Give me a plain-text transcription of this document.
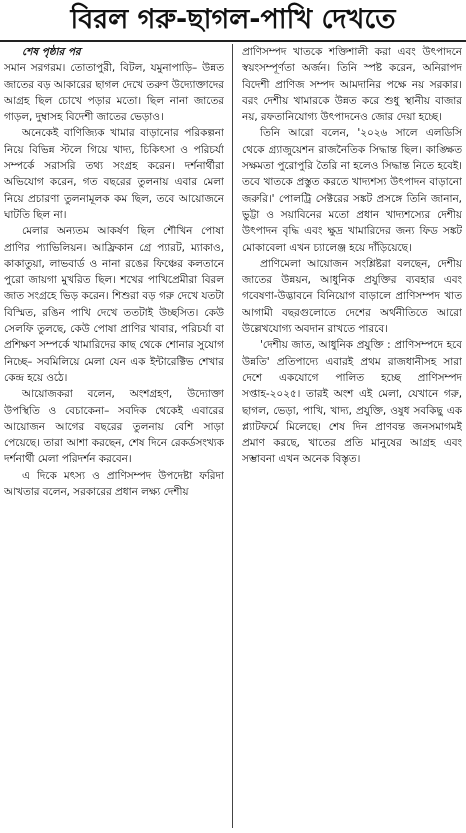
বিরল গরু-ছাগল-পাখি দেখতে

শেষ পৃষ্ঠার পর

সমান সরগরম। তোতাপুরী, বিটল, যমুনাপাড়ি– উন্নত জাতের বড় আকারের ছাগল দেখে তরুণ উদ্যোক্তাদের আগ্রহ ছিল চোখে পড়ার মতো। ছিল নানা জাতের গাড়ল, দুম্বাসহ বিদেশী জাতের ভেড়াও।

অনেকেই বাণিজ্যিক খামার বাড়ানোর পরিকল্পনা নিয়ে বিভিন্ন স্টলে গিয়ে খাদ্য, চিকিৎসা ও পরিচর্যা সম্পর্কে সরাসরি তথ্য সংগ্রহ করেন। দর্শনার্থীরা অভিযোগ করেন, গত বছরের তুলনায় এবার মেলা নিয়ে প্রচারণা তুলনামূলক কম ছিল, তবে আয়োজনে ঘাটতি ছিল না।

মেলার অন্যতম আকর্ষণ ছিল শৌখিন পোষা প্রাণির প্যাভিলিয়ন। আফ্রিকান গ্রে প্যারট, ম্যাকাও, কাকাতুয়া, লাভবার্ড ও নানা রঙের ফিঞ্চের কলতানে পুরো জায়গা মুখরিত ছিল। শখের পাখিপ্রেমীরা বিরল জাত সংগ্রহে ভিড় করেন। শিশুরা বড় গরু দেখে যতটা বিস্মিত, রঙিন পাখি দেখে ততটাই উচ্ছসিত। কেউ সেলফি তুলছে, কেউ পোষা প্রাণির খাবার, পরিচর্যা বা প্রশিক্ষণ সম্পর্কে খামারিদের কাছ থেকে শোনার সুযোগ নিচ্ছে– সবমিলিয়ে মেলা যেন এক ইন্টারেক্টিভ শেখার কেন্দ্র হয়ে ওঠে।

আয়োজকরা বলেন, অংশগ্রহণ, উদ্যোক্তা উপস্থিতি ও বেচাকেনা– সবদিক থেকেই এবারের আয়োজন আগের বছরের তুলনায় বেশি সাড়া পেয়েছে। তারা আশা করছেন, শেষ দিনে রেকর্ডসংখ্যক দর্শনার্থী মেলা পরিদর্শন করবেন।

এ দিকে মৎস্য ও প্রাণিসম্পদ উপদেষ্টা ফরিদা আখতার বলেন, সরকারের প্রধান লক্ষ্য দেশীয়

প্রাণিসম্পদ খাতকে শক্তিশালী করা এবং উৎপাদনে স্বয়ংসম্পূর্ণতা অর্জন। তিনি স্পষ্ট করেন, অনিরাপদ বিদেশী প্রাণিজ সম্পদ আমদানির পক্ষে নয় সরকার। বরং দেশীয় খামারকে উন্নত করে শুধু স্থানীয় বাজার নয়, রফতানিযোগ্য উৎপাদনেও জোর দেয়া হচ্ছে।

তিনি আরো বলেন, '২০২৬ সালে এলডিসি থেকে গ্র্যাজুয়েশন রাজনৈতিক সিদ্ধান্ত ছিল। কাঙ্ক্ষিত সক্ষমতা পুরোপুরি তৈরি না হলেও সিদ্ধান্ত নিতে হবেই। তবে খাতকে প্রস্তুত করতে খাদ্যশস্য উৎপাদন বাড়ানো জরুরি।' পোলট্রি সেক্টরের সঙ্কট প্রসঙ্গে তিনি জানান, ভুট্টা ও সয়াবিনের মতো প্রধান খাদ্যশস্যের দেশীয় উৎপাদন বৃদ্ধি এবং ক্ষুদ্র খামারিদের জন্য ফিড সঙ্কট মোকাবেলা এখন চ্যালেঞ্জ হয়ে দাঁড়িয়েছে।

প্রাণিমেলা আয়োজন সংশ্লিষ্টরা বলছেন, দেশীয় জাতের উন্নয়ন, আধুনিক প্রযুক্তির ব্যবহার এবং গবেষণা-উদ্ভাবনে বিনিয়োগ বাড়ালে প্রাণিসম্পদ খাত আগামী বছরগুলোতে দেশের অর্থনীতিতে আরো উল্লেখযোগ্য অবদান রাখতে পারবে।

'দেশীয় জাত, আধুনিক প্রযুক্তি : প্রাণিসম্পদে হবে উন্নতি' প্রতিপাদ্যে এবারই প্রথম রাজধানীসহ সারা দেশে একযোগে পালিত হচ্ছে প্রাণিসম্পদ সপ্তাহ-২০২৫। তারই অংশ এই মেলা, যেখানে গরু, ছাগল, ভেড়া, পাখি, খাদ্য, প্রযুক্তি, ওষুধ সবকিছু এক প্ল্যাটফর্মে মিলেছে। শেষ দিন প্রাণবন্ত জনসমাগমই প্রমাণ করছে, খাতের প্রতি মানুষের আগ্রহ এবং সম্ভাবনা এখন অনেক বিস্তৃত।
